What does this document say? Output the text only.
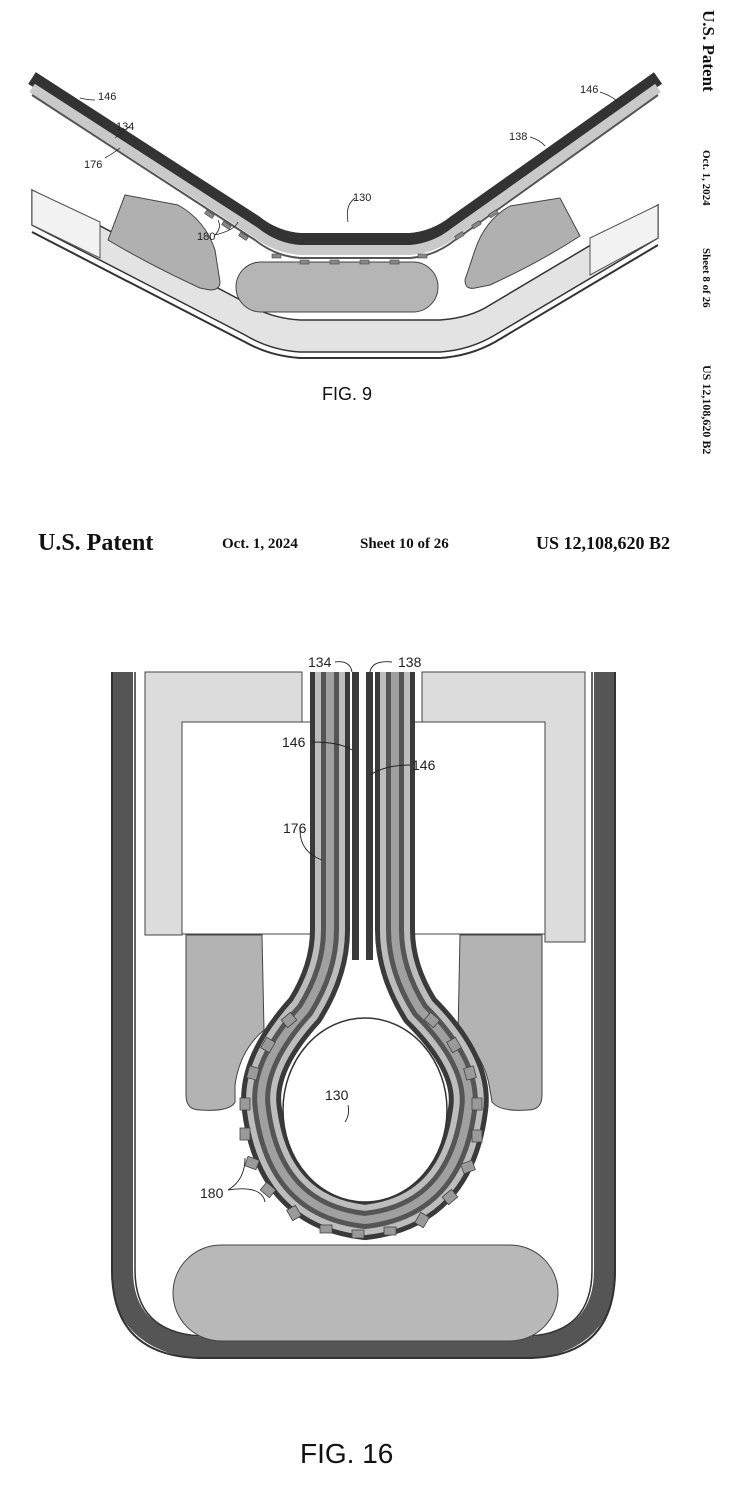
146
134
176
180
130
138
146
FIG. 9
U.S. Patent
Oct. 1, 2024
Sheet 8 of 26
US 12,108,620 B2
U.S. Patent	Oct. 1, 2024	Sheet 10 of 26	US 12,108,620 B2
134	138
146
146
176
130
180
FIG. 16
